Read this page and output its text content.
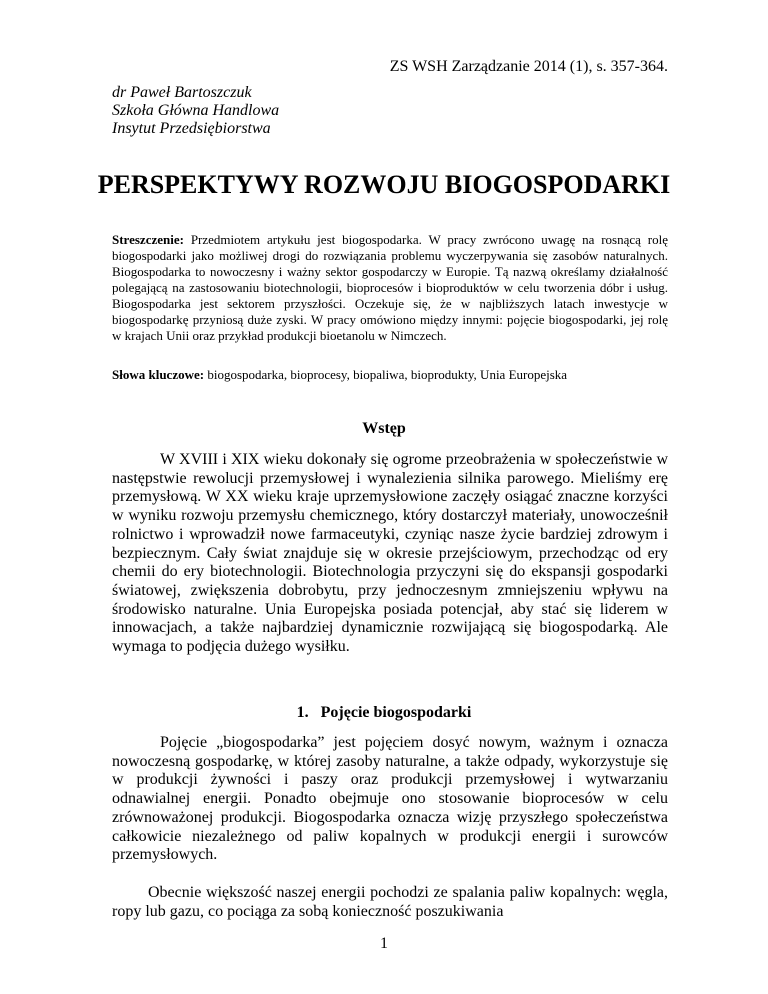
ZS WSH Zarządzanie 2014 (1), s. 357-364.
dr Paweł Bartoszczuk
Szkoła Główna Handlowa
Insytut Przedsiębiorstwa
PERSPEKTYWY ROZWOJU BIOGOSPODARKI

Streszczenie: Przedmiotem artykułu jest biogospodarka. W pracy zwrócono uwagę na rosnącą rolę biogospodarki jako możliwej drogi do rozwiązania problemu wyczerpywania się zasobów naturalnych. Biogospodarka to nowoczesny i ważny sektor gospodarczy w Europie. Tą nazwą określamy działalność polegającą na zastosowaniu biotechnologii, bioprocesów i bioproduktów w celu tworzenia dóbr i usług. Biogospodarka jest sektorem przyszłości. Oczekuje się, że w najbliższych latach inwestycje w biogospodarkę przyniosą duże zyski. W pracy omówiono między innymi: pojęcie biogospodarki, jej rolę w krajach Unii oraz przykład produkcji bioetanolu w Nimczech.

Słowa kluczowe: biogospodarka, bioprocesy, biopaliwa, bioprodukty, Unia Europejska

Wstęp

W XVIII i XIX wieku dokonały się ogrome przeobrażenia w społeczeństwie w następstwie rewolucji przemysłowej i wynalezienia silnika parowego. Mieliśmy erę przemysłową. W XX wieku kraje uprzemysłowione zaczęły osiągać znaczne korzyści w wyniku rozwoju przemysłu chemicznego, który dostarczył materiały, unowocześnił rolnictwo i wprowadził nowe farmaceutyki, czyniąc nasze życie bardziej zdrowym i bezpiecznym. Cały świat znajduje się w okresie przejściowym, przechodząc od ery chemii do ery biotechnologii. Biotechnologia przyczyni się do ekspansji gospodarki światowej, zwiększenia dobrobytu, przy jednoczesnym zmniejszeniu wpływu na środowisko naturalne. Unia Europejska posiada potencjał, aby stać się liderem w innowacjach, a także najbardziej dynamicznie rozwijającą się biogospodarką. Ale wymaga to podjęcia dużego wysiłku.

1.   Pojęcie biogospodarki

Pojęcie „biogospodarka” jest pojęciem dosyć nowym, ważnym i oznacza nowoczesną gospodarkę, w której zasoby naturalne, a także odpady, wykorzystuje się w produkcji żywności i paszy oraz produkcji przemysłowej i wytwarzaniu odnawialnej energii. Ponadto obejmuje ono stosowanie bioprocesów w celu zrównoważonej produkcji. Biogospodarka oznacza wizję przyszłego społeczeństwa całkowicie niezależnego od paliw kopalnych w produkcji energii i surowców przemysłowych.

Obecnie większość naszej energii pochodzi ze spalania paliw kopalnych: węgla, ropy lub gazu, co pociąga za sobą konieczność poszukiwania

1
